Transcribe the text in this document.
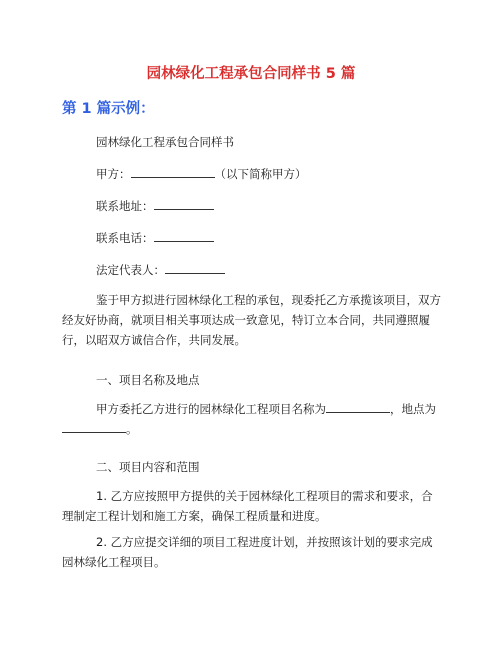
园林绿化工程承包合同样书 5 篇
第 1 篇示例：
园林绿化工程承包合同样书
甲方：	（以下简称甲方）
联系地址：
联系电话：
法定代表人：
鉴于甲方拟进行园林绿化工程的承包，现委托乙方承揽该项目，双方经友好协商，就项目相关事项达成一致意见，特订立本合同，共同遵照履行，以昭双方诚信合作，共同发展。
一、项目名称及地点
甲方委托乙方进行的园林绿化工程项目名称为	，地点为
。
二、项目内容和范围
1. 乙方应按照甲方提供的关于园林绿化工程项目的需求和要求，合理制定工程计划和施工方案，确保工程质量和进度。
2. 乙方应提交详细的项目工程进度计划，并按照该计划的要求完成园林绿化工程项目。
